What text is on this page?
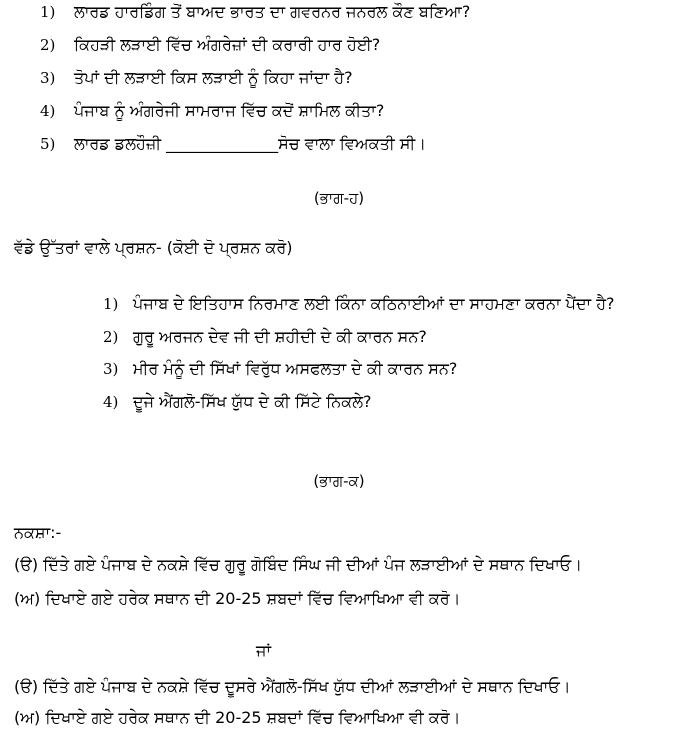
1) ਲਾਰਡ ਹਾਰਡਿੰਗ ਤੋਂ ਬਾਅਦ ਭਾਰਤ ਦਾ ਗਵਰਨਰ ਜਨਰਲ ਕੌਣ ਬਣਿਆ?
2) ਕਿਹੜੀ ਲੜਾਈ ਵਿੱਚ ਅੰਗਰੇਜ਼ਾਂ ਦੀ ਕਰਾਰੀ ਹਾਰ ਹੋਈ?
3) ਤੋਪਾਂ ਦੀ ਲੜਾਈ ਕਿਸ ਲੜਾਈ ਨੂੰ ਕਿਹਾ ਜਾਂਦਾ ਹੈ?
4) ਪੰਜਾਬ ਨੂੰ ਅੰਗਰੇਜੀ ਸਾਮਰਾਜ ਵਿੱਚ ਕਦੋਂ ਸ਼ਾਮਿਲ ਕੀਤਾ?
5) ਲਾਰਡ ਡਲਹੌਜ਼ੀ ______________ਸੋਚ ਵਾਲਾ ਵਿਅਕਤੀ ਸੀ।
(ਭਾਗ-ਹ)
ਵੱਡੇ ਉੱਤਰਾਂ ਵਾਲੇ ਪ੍ਰਸ਼ਨ- (ਕੋਈ ਦੋ ਪ੍ਰਸ਼ਨ ਕਰੋ)
1) ਪੰਜਾਬ ਦੇ ਇਤਿਹਾਸ ਨਿਰਮਾਣ ਲਈ ਕਿੰਨਾ ਕਠਿਨਾਈਆਂ ਦਾ ਸਾਹਮਣਾ ਕਰਨਾ ਪੈਂਦਾ ਹੈ?
2) ਗੁਰੂ ਅਰਜਨ ਦੇਵ ਜੀ ਦੀ ਸ਼ਹੀਦੀ ਦੇ ਕੀ ਕਾਰਨ ਸਨ?
3) ਮੀਰ ਮੰਨੂੰ ਦੀ ਸਿੱਖਾਂ ਵਿਰੁੱਧ ਅਸਫਲਤਾ ਦੇ ਕੀ ਕਾਰਨ ਸਨ?
4) ਦੂਜੇ ਐਂਗਲੋ-ਸਿੱਖ ਯੁੱਧ ਦੇ ਕੀ ਸਿੱਟੇ ਨਿਕਲੇ?
(ਭਾਗ-ਕ)
ਨਕਸ਼ਾ:-
(ੳ) ਦਿੱਤੇ ਗਏ ਪੰਜਾਬ ਦੇ ਨਕਸ਼ੇ ਵਿੱਚ ਗੁਰੂ ਗੋਬਿੰਦ ਸਿੰਘ ਜੀ ਦੀਆਂ ਪੰਜ ਲੜਾਈਆਂ ਦੇ ਸਥਾਨ ਦਿਖਾਓ।
(ਅ) ਦਿਖਾਏ ਗਏ ਹਰੇਕ ਸਥਾਨ ਦੀ 20-25 ਸ਼ਬਦਾਂ ਵਿੱਚ ਵਿਆਖਿਆ ਵੀ ਕਰੋ।
ਜਾਂ
(ੳ) ਦਿੱਤੇ ਗਏ ਪੰਜਾਬ ਦੇ ਨਕਸ਼ੇ ਵਿੱਚ ਦੂਸਰੇ ਐਂਗਲੋ-ਸਿੱਖ ਯੁੱਧ ਦੀਆਂ ਲੜਾਈਆਂ ਦੇ ਸਥਾਨ ਦਿਖਾਓ।
(ਅ) ਦਿਖਾਏ ਗਏ ਹਰੇਕ ਸਥਾਨ ਦੀ 20-25 ਸ਼ਬਦਾਂ ਵਿੱਚ ਵਿਆਖਿਆ ਵੀ ਕਰੋ।
